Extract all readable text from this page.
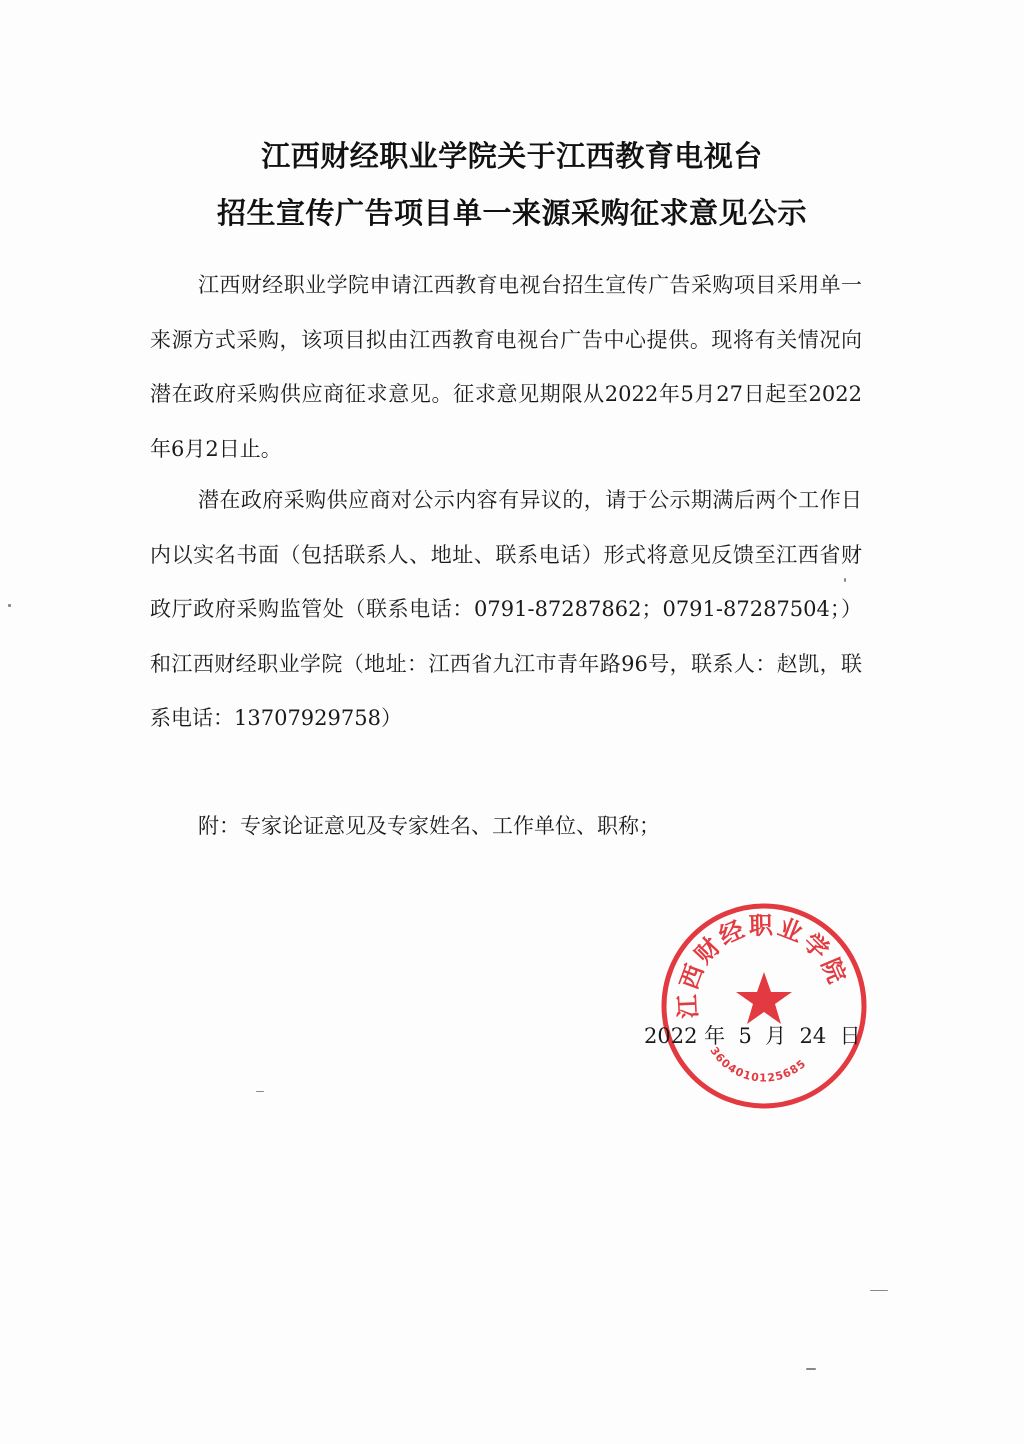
江西财经职业学院关于江西教育电视台
招生宣传广告项目单一来源采购征求意见公示
江西财经职业学院申请江西教育电视台招生宣传广告采购项目采用单一来源方式采购，该项目拟由江西教育电视台广告中心提供。现将有关情况向潜在政府采购供应商征求意见。征求意见期限从2022年5月27日起至2022年6月2日止。
潜在政府采购供应商对公示内容有异议的，请于公示期满后两个工作日内以实名书面（包括联系人、地址、联系电话）形式将意见反馈至江西省财政厅政府采购监管处（联系电话：0791-87287862；0791-87287504；）和江西财经职业学院（地址：江西省九江市青年路96号，联系人：赵凯，联系电话：13707929758）
附：专家论证意见及专家姓名、工作单位、职称；
江西财经职业学院
3604010125685
2022 年  5  月  24  日
